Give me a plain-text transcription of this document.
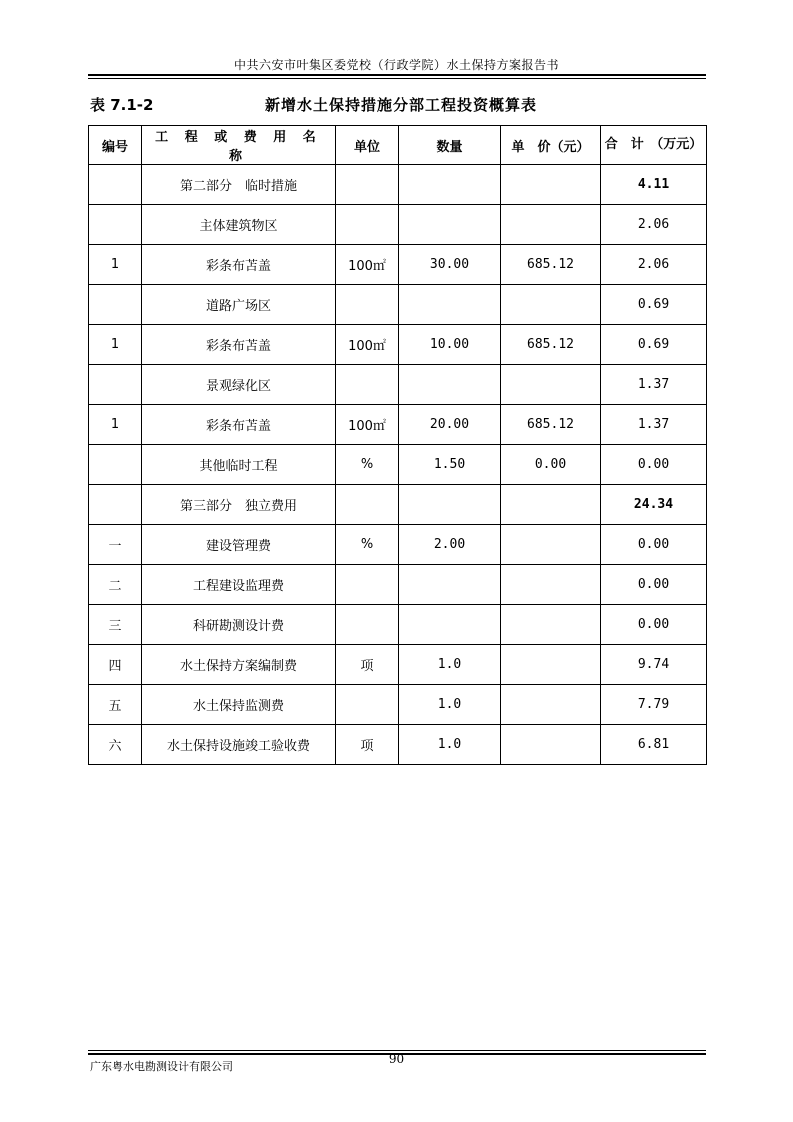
中共六安市叶集区委党校（行政学院）水土保持方案报告书
表 7.1-2	新增水土保持措施分部工程投资概算表
编号	工 程 或 费 用 名 称	单位	数量	单　价（元）	合　计　（万元）
	第二部分　临时措施				4.11
	主体建筑物区				2.06
1	彩条布苫盖	100㎡	30.00	685.12	2.06
	道路广场区				0.69
1	彩条布苫盖	100㎡	10.00	685.12	0.69
	景观绿化区				1.37
1	彩条布苫盖	100㎡	20.00	685.12	1.37
	其他临时工程	%	1.50	0.00	0.00
	第三部分　独立费用				24.34
一	建设管理费	%	2.00		0.00
二	工程建设监理费				0.00
三	科研勘测设计费				0.00
四	水土保持方案编制费	项	1.0		9.74
五	水土保持监测费		1.0		7.79
六	水土保持设施竣工验收费	项	1.0		6.81
广东粤水电勘测设计有限公司
90
